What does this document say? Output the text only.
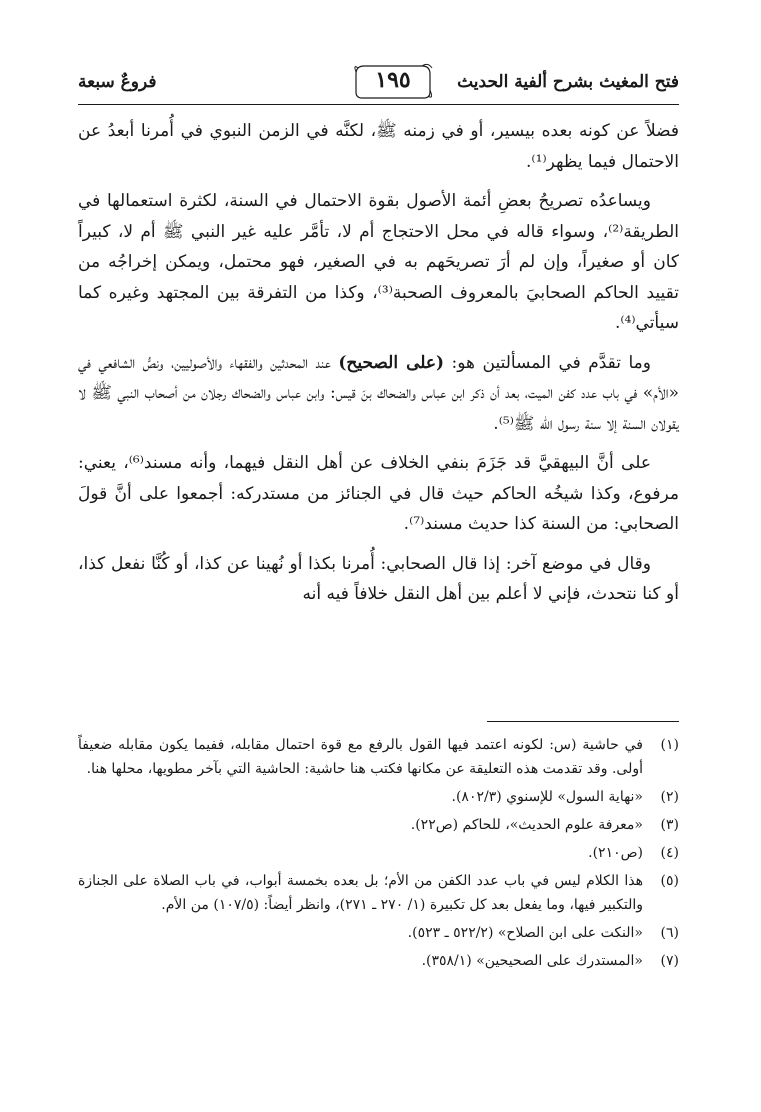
فتح المغيث بشرح ألفية الحديث
١٩٥
فروعٌ سبعة

فضلاً عن كونه بعده بيسير، أو في زمنه ﷺ، لكنَّه في الزمن النبوي في أُمرنا أبعدُ عن الاحتمال فيما يظهر⁽¹⁾.

ويساعدُه تصريحُ بعضِ أئمة الأصول بقوة الاحتمال في السنة، لكثرة استعمالها في الطريقة⁽²⁾، وسواء قاله في محل الاحتجاج أم لا، تأمَّر عليه غير النبي ﷺ أم لا، كبيراً كان أو صغيراً، وإن لم أرَ تصريحَهم به في الصغير، فهو محتمل، ويمكن إخراجُه من تقييد الحاكم الصحابيَ بالمعروف الصحبة⁽³⁾، وكذا من التفرقة بين المجتهد وغيره كما سيأتي⁽⁴⁾.

وما تقدَّم في المسألتين هو: (على الصحيح) عند المحدثين والفقهاء والأصوليين، ونصُّ الشافعي في «الأم» في باب عدد كفن الميت، بعد أن ذكر ابن عباس والضحاك بنَ قيس: وابن عباس والضحاك رجلان من أصحاب النبي ﷺ لا يقولان السنة إلا سنة رسول الله ﷺ⁽⁵⁾.

على أنَّ البيهقيَّ قد جَزَمَ بنفي الخلاف عن أهل النقل فيهما، وأنه مسند⁽⁶⁾، يعني: مرفوع، وكذا شيخُه الحاكم حيث قال في الجنائز من مستدركه: أجمعوا على أنَّ قولَ الصحابي: من السنة كذا حديث مسند⁽⁷⁾.

وقال في موضع آخر: إذا قال الصحابي: أُمرنا بكذا أو نُهينا عن كذا، أو كُنَّا نفعل كذا، أو كنا نتحدث، فإني لا أعلم بين أهل النقل خلافاً فيه أنه

(١)
في حاشية (س: لكونه اعتمد فيها القول بالرفع مع قوة احتمال مقابله، ففيما يكون مقابله ضعيفاً أولى. وقد تقدمت هذه التعليقة عن مكانها فكتب هنا حاشية: الحاشية التي بآخر مطويها، محلها هنا.
(٢)
«نهاية السول» للإسنوي (٨٠٢/٣).
(٣)
«معرفة علوم الحديث»، للحاكم (ص٢٢).
(٤)
(ص٢١٠).
(٥)
هذا الكلام ليس في باب عدد الكفن من الأم؛ بل بعده بخمسة أبواب، في باب الصلاة على الجنازة والتكبير فيها، وما يفعل بعد كل تكبيرة (١/ ٢٧٠ ـ ٢٧١)، وانظر أيضاً: (١٠٧/٥) من الأم.
(٦)
«النكت على ابن الصلاح» (٥٢٢/٢ ـ ٥٢٣).
(٧)
«المستدرك على الصحيحين» (٣٥٨/١).
